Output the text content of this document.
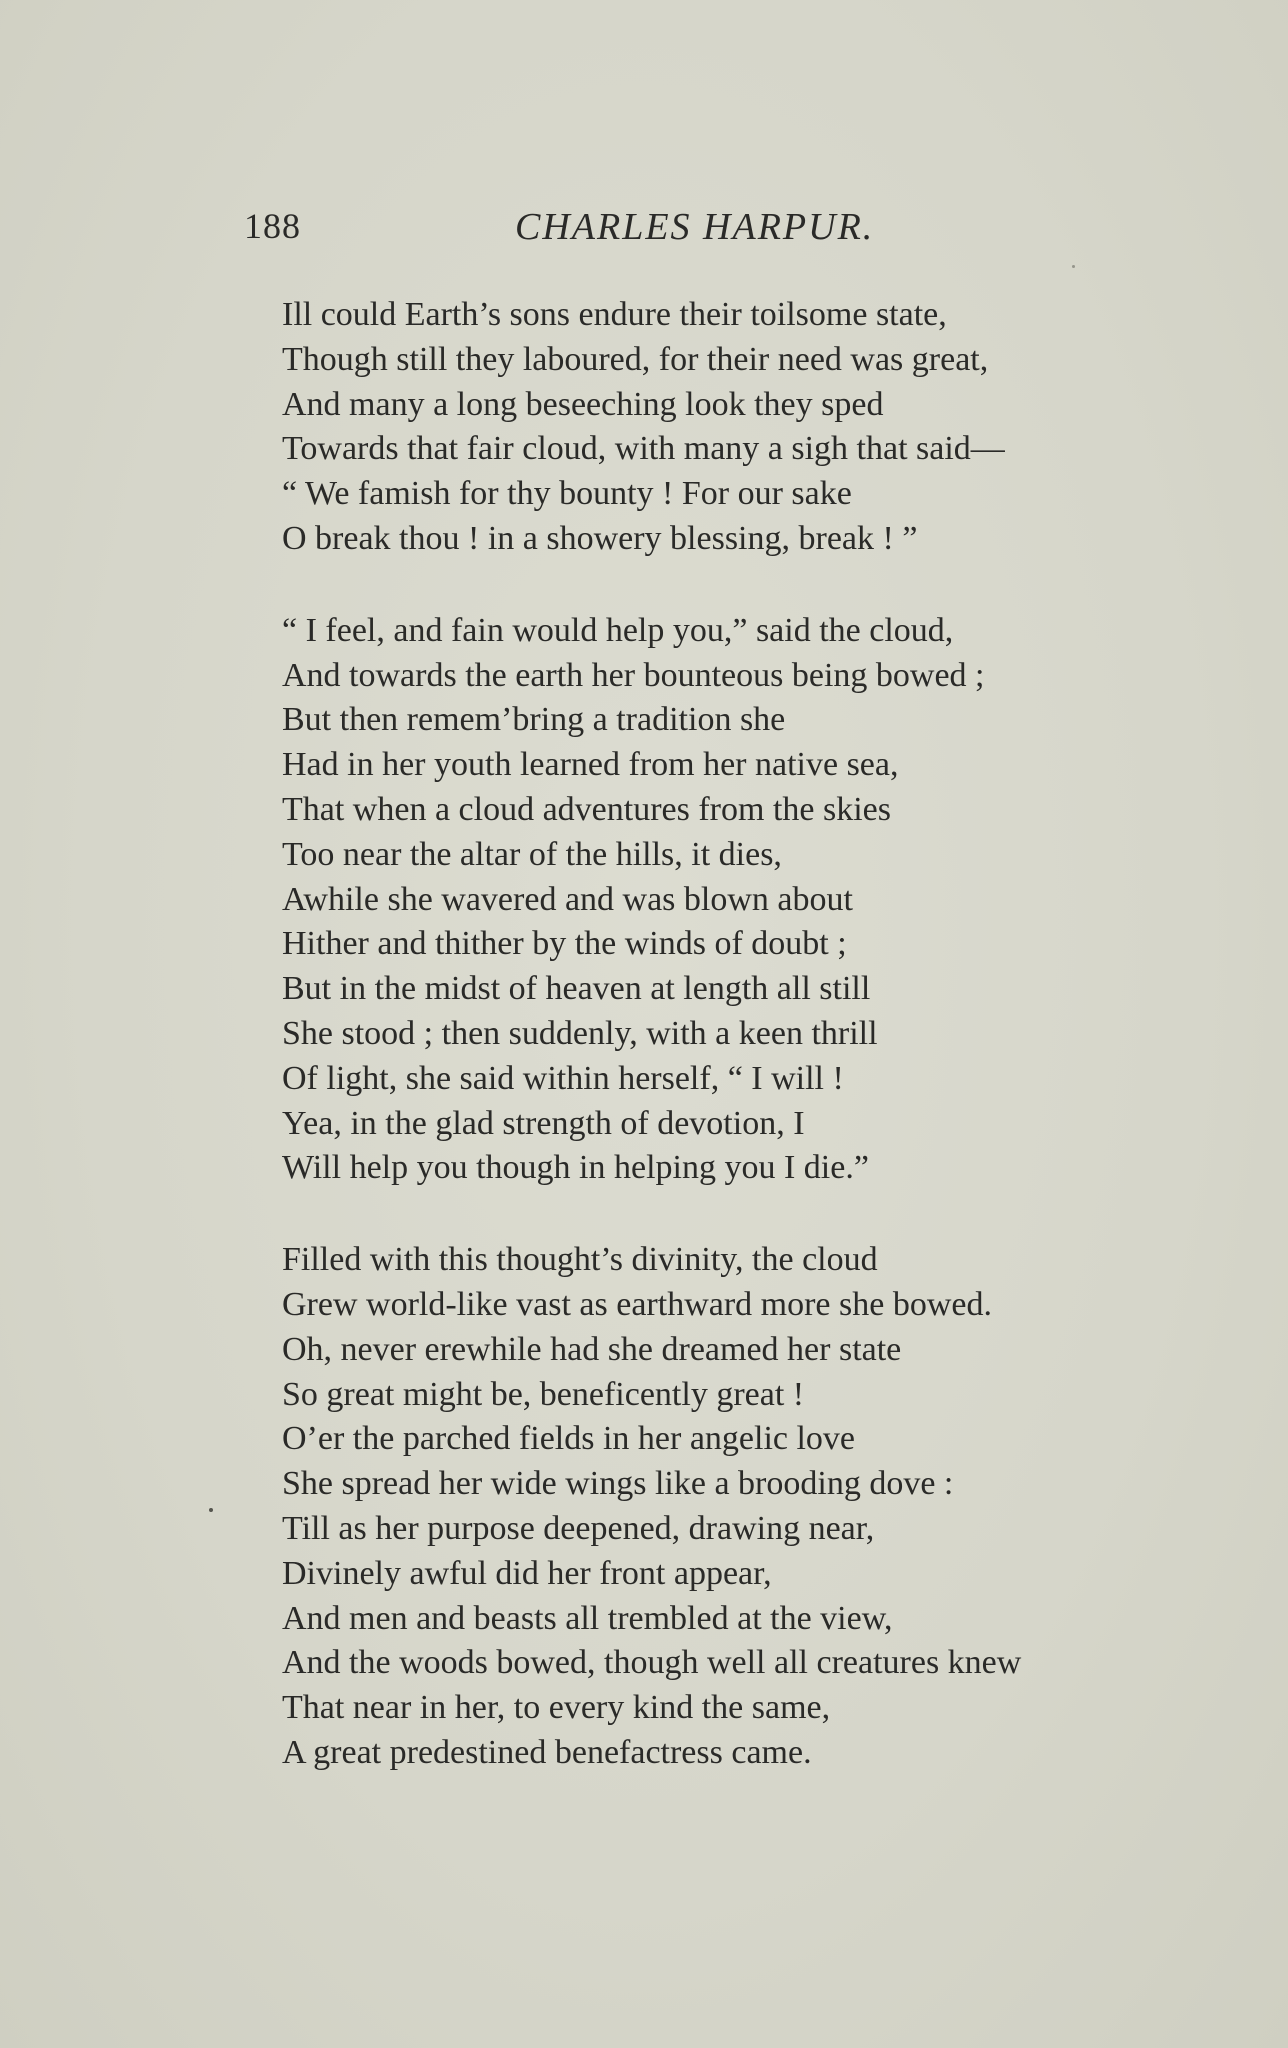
188	CHARLES HARPUR.
Ill could Earth’s sons endure their toilsome state,
Though still they laboured, for their need was great,
And many a long beseeching look they sped
Towards that fair cloud, with many a sigh that said—
“ We famish for thy bounty ! For our sake
O break thou ! in a showery blessing, break ! ”
“ I feel, and fain would help you,” said the cloud,
And towards the earth her bounteous being bowed ;
But then remem’bring a tradition she
Had in her youth learned from her native sea,
That when a cloud adventures from the skies
Too near the altar of the hills, it dies,
Awhile she wavered and was blown about
Hither and thither by the winds of doubt ;
But in the midst of heaven at length all still
She stood ; then suddenly, with a keen thrill
Of light, she said within herself, “ I will !
Yea, in the glad strength of devotion, I
Will help you though in helping you I die.”
Filled with this thought’s divinity, the cloud
Grew world-like vast as earthward more she bowed.
Oh, never erewhile had she dreamed her state
So great might be, beneficently great !
O’er the parched fields in her angelic love
She spread her wide wings like a brooding dove :
Till as her purpose deepened, drawing near,
Divinely awful did her front appear,
And men and beasts all trembled at the view,
And the woods bowed, though well all creatures knew
That near in her, to every kind the same,
A great predestined benefactress came.
